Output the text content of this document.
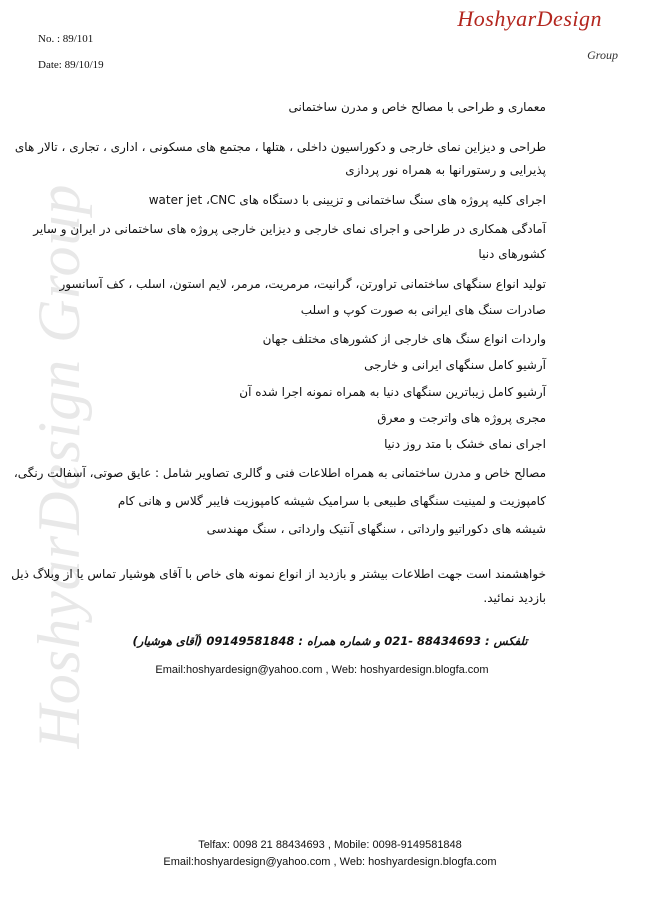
HoshyarDesign Group
No. : 89/101
Date: 89/10/19
HoshyarDesign
Group
معماری و طراحی با مصالح خاص و مدرن ساختمانی
طراحی و دیزاین نمای خارجی و دکوراسیون داخلی ، هتلها ، مجتمع های مسکونی ، اداری ، تجاری ، تالار های
پذیرایی و رستورانها به همراه نور پردازی
اجرای کلیه پروژه های سنگ ساختمانی و تزیینی با دستگاه های water jet ،CNC
آمادگی همکاری در طراحی و اجرای نمای خارجی و دیزاین خارجی پروژه های ساختمانی در ایران و سایر
کشورهای دنیا
تولید انواع سنگهای ساختمانی تراورتن، گرانیت، مرمریت، مرمر، لایم استون، اسلب ، کف آسانسور
صادرات سنگ های ایرانی به صورت کوپ و اسلب
واردات انواع سنگ های خارجی از کشورهای مختلف جهان
آرشیو کامل سنگهای ایرانی و خارجی
آرشیو کامل زیباترین سنگهای دنیا به همراه نمونه اجرا شده آن
مجری پروژه های واترجت و معرق
اجرای نمای خشک با متد روز دنیا
مصالح خاص و مدرن ساختمانی به همراه اطلاعات فنی و گالری تصاویر شامل : عایق صوتی، آسفالت رنگی،
کامپوزیت و لمینیت سنگهای طبیعی با سرامیک شیشه کامپوزیت فایبر گلاس و هانی کام
شیشه های دکوراتیو وارداتی ، سنگهای آنتیک وارداتی ، سنگ مهندسی
خواهشمند است جهت اطلاعات بیشتر و بازدید از انواع نمونه های خاص با آقای هوشیار تماس یا از وبلاگ ذیل
بازدید نمائید.
تلفکس : 88434693 -021 و شماره همراه : 09149581848 (آقای هوشیار)
Email:hoshyardesign@yahoo.com , Web: hoshyardesign.blogfa.com
Telfax: 0098 21 88434693 , Mobile: 0098-9149581848
Email:hoshyardesign@yahoo.com , Web: hoshyardesign.blogfa.com
